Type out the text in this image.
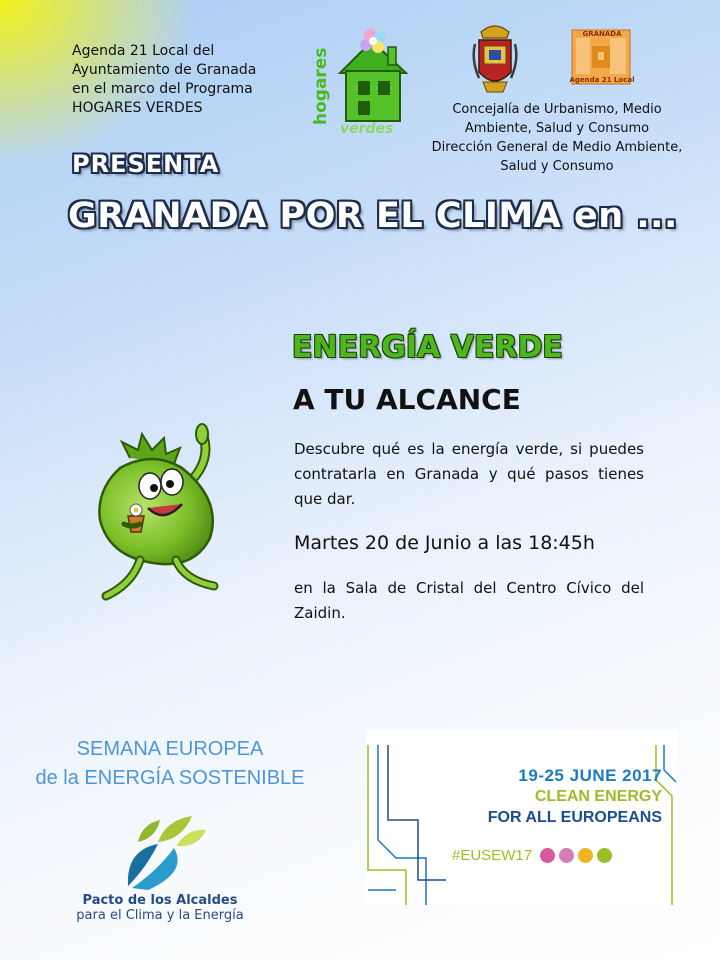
Agenda 21 Local del
Ayuntamiento de Granada
en el marco del Programa
HOGARES VERDES	hogares
verdes
GRANADA
Agenda 21 Local
Concejalía de Urbanismo, Medio
Ambiente, Salud y Consumo
Dirección General de Medio Ambiente,
Salud y Consumo
PRESENTA
GRANADA POR EL CLIMA en ...
ENERGÍA VERDE
A TU ALCANCE
Descubre qué es la energía verde, si puedes contratarla en Granada y qué pasos tienes que dar.
Martes 20 de Junio a las 18:45h
en la Sala de Cristal del Centro Cívico del Zaidin.
SEMANA EUROPEA
de la ENERGÍA SOSTENIBLE
Pacto de los Alcaldes
para el Clima y la Energía
19-25 JUNE 2017
CLEAN ENERGY
FOR ALL EUROPEANS
#EUSEW17
